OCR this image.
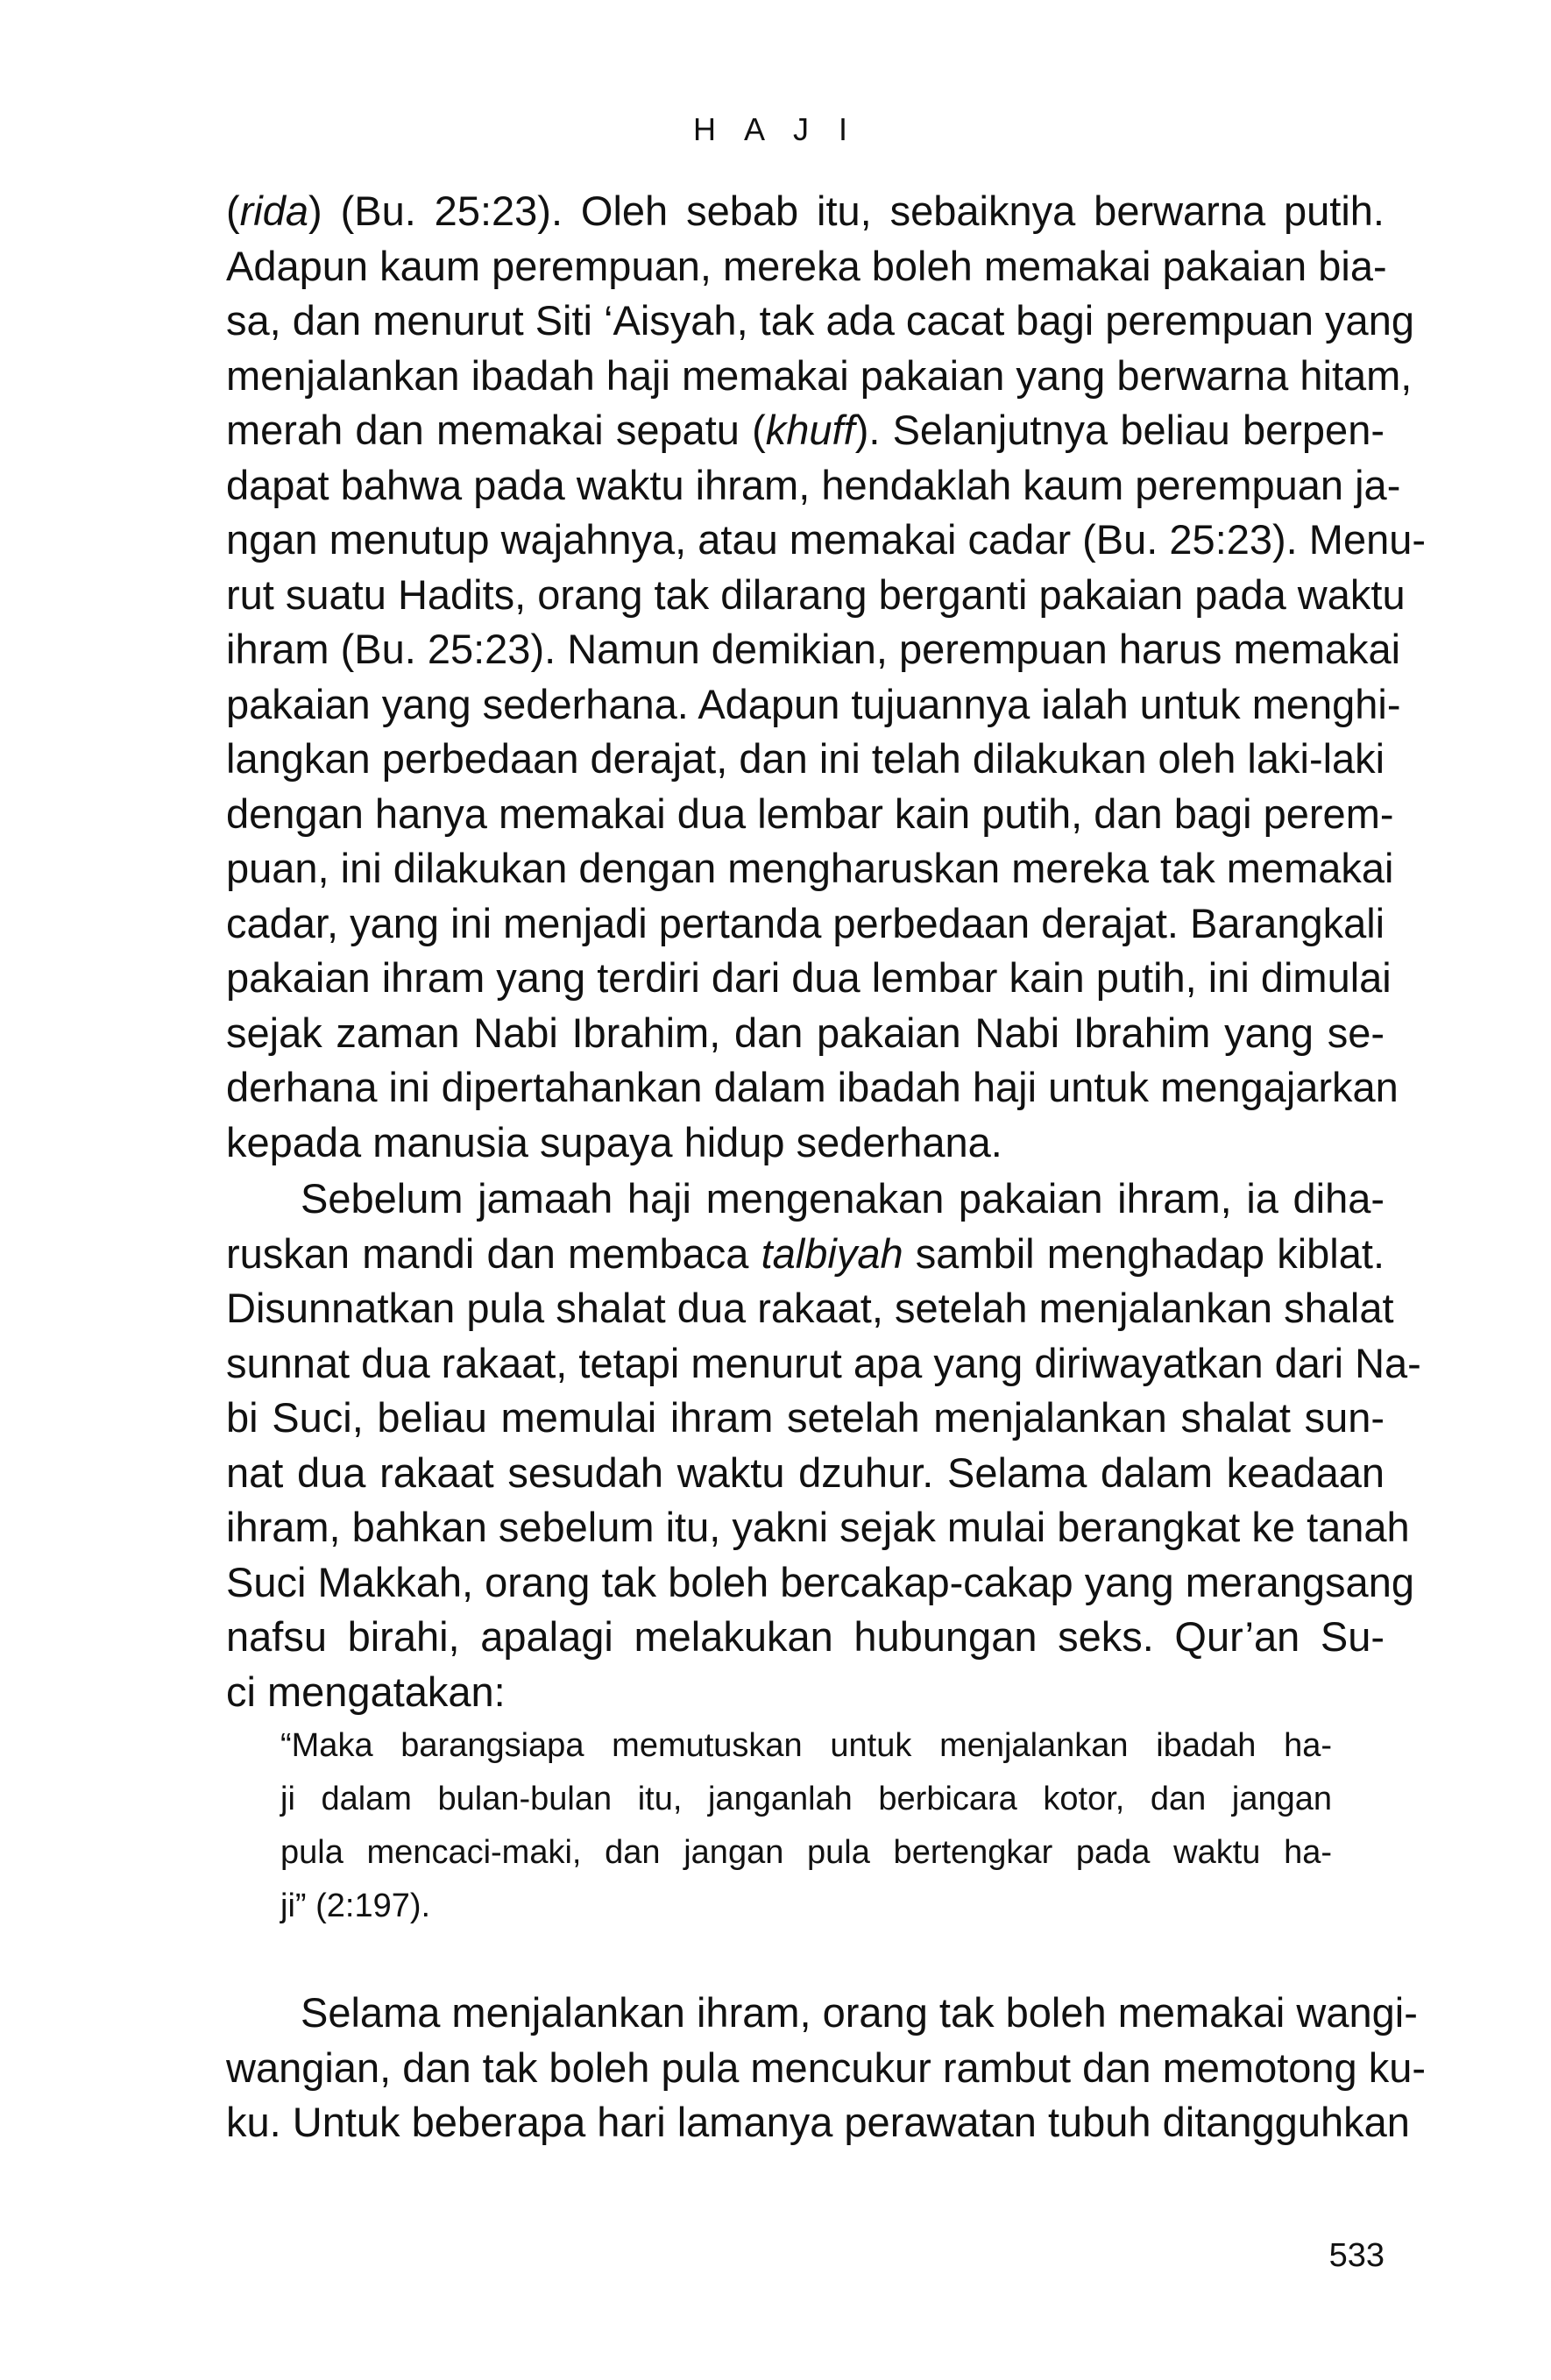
H A J I
(rida) (Bu. 25:23). Oleh sebab itu, sebaiknya berwarna putih.
Adapun kaum perempuan, mereka boleh memakai pakaian bia-
sa, dan menurut Siti ‘Aisyah, tak ada cacat bagi perempuan yang
menjalankan ibadah haji memakai pakaian yang berwarna hitam,
merah dan memakai sepatu (khuff). Selanjutnya beliau berpen-
dapat bahwa pada waktu ihram, hendaklah kaum perempuan ja-
ngan menutup wajahnya, atau memakai cadar (Bu. 25:23). Menu-
rut suatu Hadits, orang tak dilarang berganti pakaian pada waktu
ihram (Bu. 25:23). Namun demikian, perempuan harus memakai
pakaian yang sederhana. Adapun tujuannya ialah untuk menghi-
langkan perbedaan derajat, dan ini telah dilakukan oleh laki-laki
dengan hanya memakai dua lembar kain putih, dan bagi perem-
puan, ini dilakukan dengan mengharuskan mereka tak memakai
cadar, yang ini menjadi pertanda perbedaan derajat. Barangkali
pakaian ihram yang terdiri dari dua lembar kain putih, ini dimulai
sejak zaman Nabi Ibrahim, dan pakaian Nabi Ibrahim yang se-
derhana ini dipertahankan dalam ibadah haji untuk mengajarkan
kepada manusia supaya hidup sederhana.
Sebelum jamaah haji mengenakan pakaian ihram, ia diha-
ruskan mandi dan membaca talbiyah sambil menghadap kiblat.
Disunnatkan pula shalat dua rakaat, setelah menjalankan shalat
sunnat dua rakaat, tetapi menurut apa yang diriwayatkan dari Na-
bi Suci, beliau memulai ihram setelah menjalankan shalat sun-
nat dua rakaat sesudah waktu dzuhur. Selama dalam keadaan
ihram, bahkan sebelum itu, yakni sejak mulai berangkat ke tanah
Suci Makkah, orang tak boleh bercakap-cakap yang merangsang
nafsu birahi, apalagi melakukan hubungan seks. Qur’an Su-
ci mengatakan:
“Maka barangsiapa memutuskan untuk menjalankan ibadah ha-
ji dalam bulan-bulan itu, janganlah berbicara kotor, dan jangan
pula mencaci-maki, dan jangan pula bertengkar pada waktu ha-
ji” (2:197).
Selama menjalankan ihram, orang tak boleh memakai wangi-
wangian, dan tak boleh pula mencukur rambut dan memotong ku-
ku. Untuk beberapa hari lamanya perawatan tubuh ditangguhkan
533
